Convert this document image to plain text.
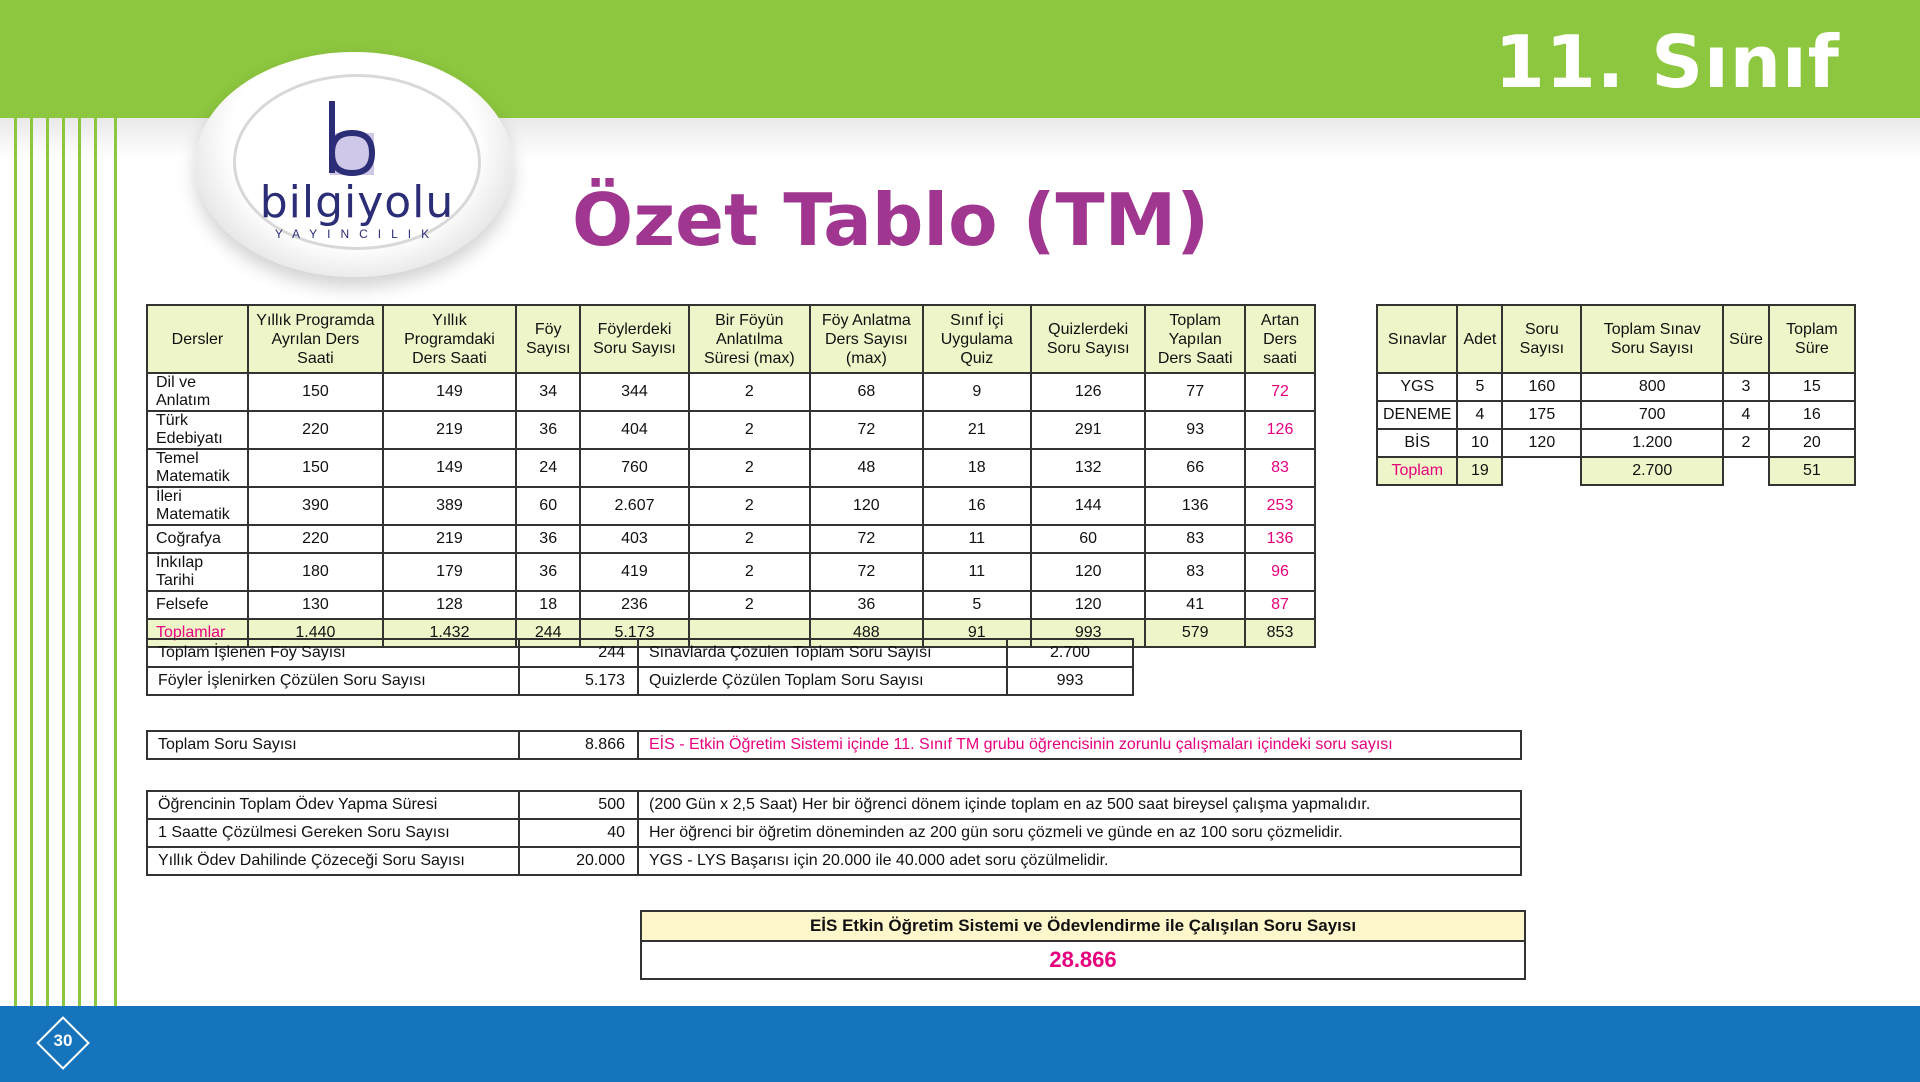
11. Sınıf
bilgiyolu
YAYINCILIK	Özet Tablo (TM)
Dersler	Yıllık Programda Ayrılan Ders Saati	Yıllık Programdaki Ders Saati	Föy Sayısı	Föylerdeki Soru Sayısı	Bir Föyün Anlatılma Süresi (max)	Föy Anlatma Ders Sayısı (max)	Sınıf İçi Uygulama Quiz	Quizlerdeki Soru Sayısı	Toplam Yapılan Ders Saati	Artan Ders saati
Dil ve Anlatım	150	149	34	344	2	68	9	126	77	72
Türk Edebiyatı	220	219	36	404	2	72	21	291	93	126
Temel Matematik	150	149	24	760	2	48	18	132	66	83
İleri Matematik	390	389	60	2.607	2	120	16	144	136	253
Coğrafya	220	219	36	403	2	72	11	60	83	136
İnkılap Tarihi	180	179	36	419	2	72	11	120	83	96
Felsefe	130	128	18	236	2	36	5	120	41	87
Toplamlar	1.440	1.432	244	5.173		488	91	993	579	853
Sınavlar	Adet	Soru Sayısı	Toplam Sınav Soru Sayısı	Süre	Toplam Süre
YGS	5	160	800	3	15
DENEME	4	175	700	4	16
BİS	10	120	1.200	2	20
Toplam	19		2.700		51
Toplam İşlenen Föy Sayısı	244	Sınavlarda Çözülen Toplam Soru Sayısı	2.700
Föyler İşlenirken Çözülen Soru Sayısı	5.173	Quizlerde Çözülen Toplam Soru Sayısı	993
Toplam Soru Sayısı	8.866	EİS - Etkin Öğretim Sistemi içinde 11. Sınıf TM grubu öğrencisinin zorunlu çalışmaları içindeki soru sayısı
Öğrencinin Toplam Ödev Yapma Süresi	500	(200 Gün x 2,5 Saat) Her bir öğrenci dönem içinde toplam en az 500 saat bireysel çalışma yapmalıdır.
1 Saatte Çözülmesi Gereken Soru Sayısı	40	Her öğrenci bir öğretim döneminden az 200 gün soru çözmeli ve günde en az 100 soru çözmelidir.
Yıllık Ödev Dahilinde Çözeceği Soru Sayısı	20.000	YGS - LYS Başarısı için 20.000 ile 40.000 adet soru çözülmelidir.
EİS Etkin Öğretim Sistemi ve Ödevlendirme ile Çalışılan Soru Sayısı
28.866
30
